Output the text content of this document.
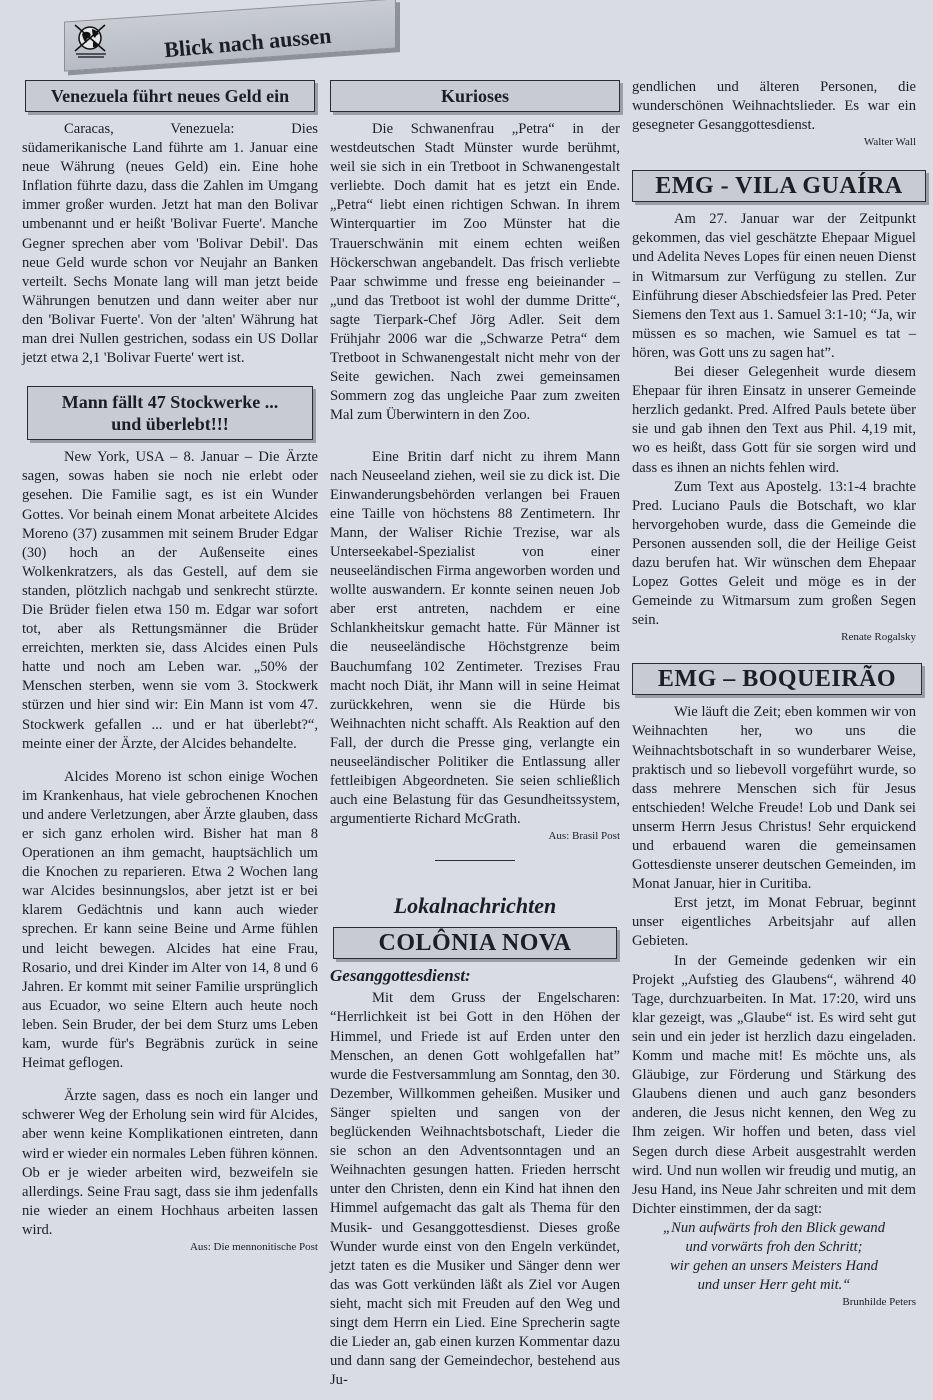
Blick nach aussen
Venezuela führt neues Geld ein

Caracas, Venezuela: Dies südamerikanische Land führte am 1. Januar eine neue Währung (neues Geld) ein. Eine hohe Inflation führte dazu, dass die Zahlen im Umgang immer großer wurden. Jetzt hat man den Bolivar umbenannt und er heißt 'Bolivar Fuerte'. Manche Gegner sprechen aber vom 'Bolivar Debil'. Das neue Geld wurde schon vor Neujahr an Banken verteilt. Sechs Monate lang will man jetzt beide Währungen benutzen und dann weiter aber nur den 'Bolivar Fuerte'. Von der 'alten' Währung hat man drei Nullen gestrichen, sodass ein US Dollar jetzt etwa 2,1 'Bolivar Fuerte' wert ist.

Mann fällt 47 Stockwerke ...
und überlebt!!!

New York, USA – 8. Januar – Die Ärzte sagen, sowas haben sie noch nie erlebt oder gesehen. Die Familie sagt, es ist ein Wunder Gottes. Vor beinah einem Monat arbeitete Alcides Moreno (37) zusammen mit seinem Bruder Edgar (30) hoch an der Außenseite eines Wolkenkratzers, als das Gestell, auf dem sie standen, plötzlich nachgab und senkrecht stürzte. Die Brüder fielen etwa 150 m. Edgar war sofort tot, aber als Rettungsmänner die Brüder erreichten, merkten sie, dass Alcides einen Puls hatte und noch am Leben war. „50% der Menschen sterben, wenn sie vom 3. Stockwerk stürzen und hier sind wir: Ein Mann ist vom 47. Stockwerk gefallen ... und er hat überlebt?“, meinte einer der Ärzte, der Alcides behandelte.

Alcides Moreno ist schon einige Wochen im Krankenhaus, hat viele gebrochenen Knochen und andere Verletzungen, aber Ärzte glauben, dass er sich ganz erholen wird. Bisher hat man 8 Operationen an ihm gemacht, hauptsächlich um die Knochen zu reparieren. Etwa 2 Wochen lang war Alcides besinnungslos, aber jetzt ist er bei klarem Gedächtnis und kann auch wieder sprechen. Er kann seine Beine und Arme fühlen und leicht bewegen. Alcides hat eine Frau, Rosario, und drei Kinder im Alter von 14, 8 und 6 Jahren. Er kommt mit seiner Familie ursprünglich aus Ecuador, wo seine Eltern auch heute noch leben. Sein Bruder, der bei dem Sturz ums Leben kam, wurde für's Begräbnis zurück in seine Heimat geflogen.

Ärzte sagen, dass es noch ein langer und schwerer Weg der Erholung sein wird für Alcides, aber wenn keine Komplikationen eintreten, dann wird er wieder ein normales Leben führen können. Ob er je wieder arbeiten wird, bezweifeln sie allerdings. Seine Frau sagt, dass sie ihm jedenfalls nie wieder an einem Hochhaus arbeiten lassen wird.

Aus: Die mennonitische Post
Kurioses

Die Schwanenfrau „Petra“ in der westdeutschen Stadt Münster wurde berühmt, weil sie sich in ein Tretboot in Schwanengestalt verliebte. Doch damit hat es jetzt ein Ende. „Petra“ liebt einen richtigen Schwan. In ihrem Winterquartier im Zoo Münster hat die Trauerschwänin mit einem echten weißen Höckerschwan angebandelt. Das frisch verliebte Paar schwimme und fresse eng beieinander – „und das Tretboot ist wohl der dumme Dritte“, sagte Tierpark-Chef Jörg Adler. Seit dem Frühjahr 2006 war die „Schwarze Petra“ dem Tretboot in Schwanengestalt nicht mehr von der Seite gewichen. Nach zwei gemeinsamen Sommern zog das ungleiche Paar zum zweiten Mal zum Überwintern in den Zoo.

Eine Britin darf nicht zu ihrem Mann nach Neuseeland ziehen, weil sie zu dick ist. Die Einwanderungsbehörden verlangen bei Frauen eine Taille von höchstens 88 Zentimetern. Ihr Mann, der Waliser Richie Trezise, war als Unterseekabel-Spezialist von einer neuseeländischen Firma angeworben worden und wollte auswandern. Er konnte seinen neuen Job aber erst antreten, nachdem er eine Schlankheitskur gemacht hatte. Für Männer ist die neuseeländische Höchstgrenze beim Bauchumfang 102 Zentimeter. Trezises Frau macht noch Diät, ihr Mann will in seine Heimat zurückkehren, wenn sie die Hürde bis Weihnachten nicht schafft. Als Reaktion auf den Fall, der durch die Presse ging, verlangte ein neuseeländischer Politiker die Entlassung aller fettleibigen Abgeordneten. Sie seien schließlich auch eine Belastung für das Gesundheitssystem, argumentierte Richard McGrath.

Aus: Brasil Post
Lokalnachrichten
COLÔNIA NOVA
Gesanggottesdienst:

Mit dem Gruss der Engelscharen: “Herrlichkeit ist bei Gott in den Höhen der Himmel, und Friede ist auf Erden unter den Menschen, an denen Gott wohlgefallen hat” wurde die Festversammlung am Sonntag, den 30. Dezember, Willkommen geheißen. Musiker und Sänger spielten und sangen von der beglückenden Weihnachtsbotschaft, Lieder die sie schon an den Adventsonntagen und an Weihnachten gesungen hatten. Frieden herrscht unter den Christen, denn ein Kind hat ihnen den Himmel aufgemacht das galt als Thema für den Musik- und Gesanggottesdienst. Dieses große Wunder wurde einst von den Engeln verkündet, jetzt taten es die Musiker und Sänger denn wer das was Gott verkünden läßt als Ziel vor Augen sieht, macht sich mit Freuden auf den Weg und singt dem Herrn ein Lied. Eine Sprecherin sagte die Lieder an, gab einen kurzen Kommentar dazu und dann sang der Gemeindechor, bestehend aus Ju-

gendlichen und älteren Personen, die wunderschönen Weihnachtslieder. Es war ein gesegneter Gesanggottesdienst.

Walter Wall
EMG - VILA GUAÍRA

Am 27. Januar war der Zeitpunkt gekommen, das viel geschätzte Ehepaar Miguel und Adelita Neves Lopes für einen neuen Dienst in Witmarsum zur Verfügung zu stellen. Zur Einführung dieser Abschiedsfeier las Pred. Peter Siemens den Text aus 1. Samuel 3:1-10; “Ja, wir müssen es so machen, wie Samuel es tat – hören, was Gott uns zu sagen hat”.

Bei dieser Gelegenheit wurde diesem Ehepaar für ihren Einsatz in unserer Gemeinde herzlich gedankt. Pred. Alfred Pauls betete über sie und gab ihnen den Text aus Phil. 4,19 mit, wo es heißt, dass Gott für sie sorgen wird und dass es ihnen an nichts fehlen wird.

Zum Text aus Apostelg. 13:1-4 brachte Pred. Luciano Pauls die Botschaft, wo klar hervorgehoben wurde, dass die Gemeinde die Personen aussenden soll, die der Heilige Geist dazu berufen hat. Wir wünschen dem Ehepaar Lopez Gottes Geleit und möge es in der Gemeinde zu Witmarsum zum großen Segen sein.

Renate Rogalsky
EMG – BOQUEIRÃO

Wie läuft die Zeit; eben kommen wir von Weihnachten her, wo uns die Weihnachtsbotschaft in so wunderbarer Weise, praktisch und so liebevoll vorgeführt wurde, so dass mehrere Menschen sich für Jesus entschieden! Welche Freude! Lob und Dank sei unserm Herrn Jesus Christus! Sehr erquickend und erbauend waren die gemeinsamen Gottesdienste unserer deutschen Gemeinden, im Monat Januar, hier in Curitiba.

Erst jetzt, im Monat Februar, beginnt unser eigentliches Arbeitsjahr auf allen Gebieten.

In der Gemeinde gedenken wir ein Projekt „Aufstieg des Glaubens“, während 40 Tage, durchzuarbeiten. In Mat. 17:20, wird uns klar gezeigt, was „Glaube“ ist. Es wird seht gut sein und ein jeder ist herzlich dazu eingeladen. Komm und mache mit! Es möchte uns, als Gläubige, zur Förderung und Stärkung des Glaubens dienen und auch ganz besonders anderen, die Jesus nicht kennen, den Weg zu Ihm zeigen. Wir hoffen und beten, dass viel Segen durch diese Arbeit ausgestrahlt werden wird. Und nun wollen wir freudig und mutig, an Jesu Hand, ins Neue Jahr schreiten und mit dem Dichter einstimmen, der da sagt:

„Nun aufwärts froh den Blick gewand
und vorwärts froh den Schritt;
wir gehen an unsers Meisters Hand
und unser Herr geht mit.“
Brunhilde Peters
